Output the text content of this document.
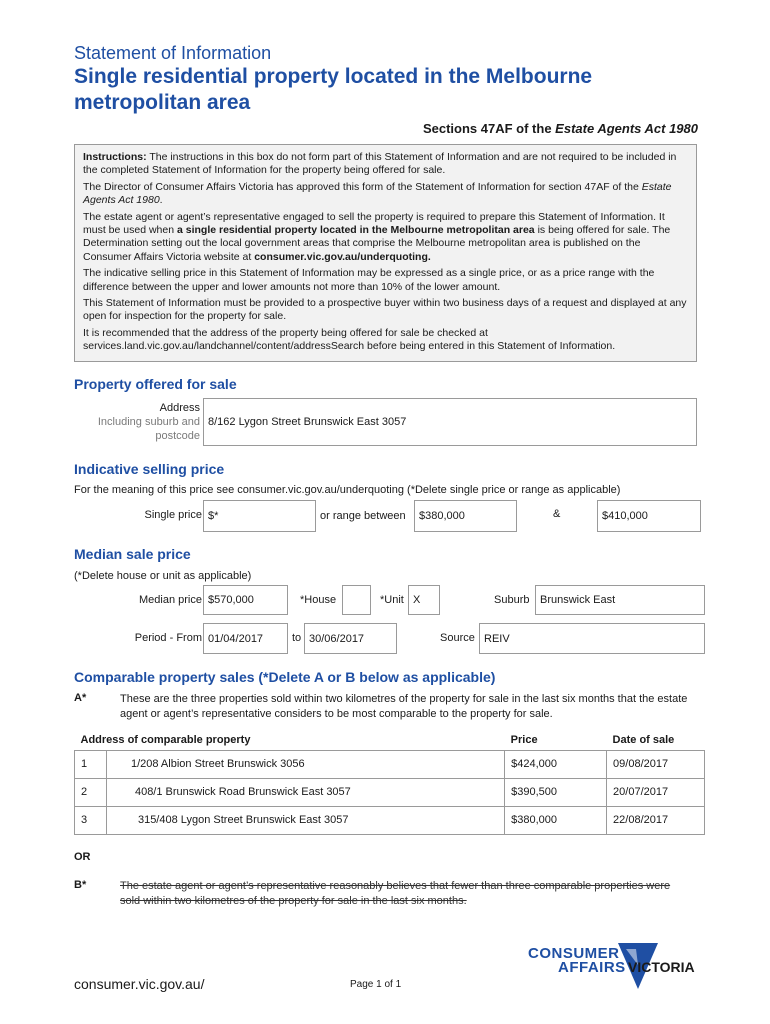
Statement of Information
Single residential property located in the Melbourne metropolitan area
Sections 47AF of the Estate Agents Act 1980

Instructions: The instructions in this box do not form part of this Statement of Information and are not required to be included in the completed Statement of Information for the property being offered for sale.

The Director of Consumer Affairs Victoria has approved this form of the Statement of Information for section 47AF of the Estate Agents Act 1980.

The estate agent or agent’s representative engaged to sell the property is required to prepare this Statement of Information. It must be used when a single residential property located in the Melbourne metropolitan area is being offered for sale. The Determination setting out the local government areas that comprise the Melbourne metropolitan area is published on the Consumer Affairs Victoria website at consumer.vic.gov.au/underquoting.

The indicative selling price in this Statement of Information may be expressed as a single price, or as a price range with the difference between the upper and lower amounts not more than 10% of the lower amount.

This Statement of Information must be provided to a prospective buyer within two business days of a request and displayed at any open for inspection for the property for sale.

It is recommended that the address of the property being offered for sale be checked at services.land.vic.gov.au/landchannel/content/addressSearch before being entered in this Statement of Information.

Property offered for sale
Address
Including suburb and
postcode
8/162 Lygon Street Brunswick East 3057
Indicative selling price
For the meaning of this price see consumer.vic.gov.au/underquoting (*Delete single price or range as applicable)
Single price $*	or range between	$380,000	&	$410,000
Median sale price
(*Delete house or unit as applicable)
Median price $570,000	*House	*Unit X	Suburb Brunswick East
Period - From 01/04/2017	to 30/06/2017	Source REIV
Comparable property sales (*Delete A or B below as applicable)
A*	These are the three properties sold within two kilometres of the property for sale in the last six months that the estate agent or agent’s representative considers to be most comparable to the property for sale.
Address of comparable property		Price	Date of sale
1	1/208 Albion Street Brunswick 3056	$424,000	09/08/2017
2	408/1 Brunswick Road Brunswick East 3057	$390,500	20/07/2017
3	315/408 Lygon Street Brunswick East 3057	$380,000	22/08/2017
OR
B*	The estate agent or agent’s representative reasonably believes that fewer than three comparable properties were sold within two kilometres of the property for sale in the last six months.
CONSUMER
AFFAIRS VICTORIA
consumer.vic.gov.au/	Page 1 of 1
